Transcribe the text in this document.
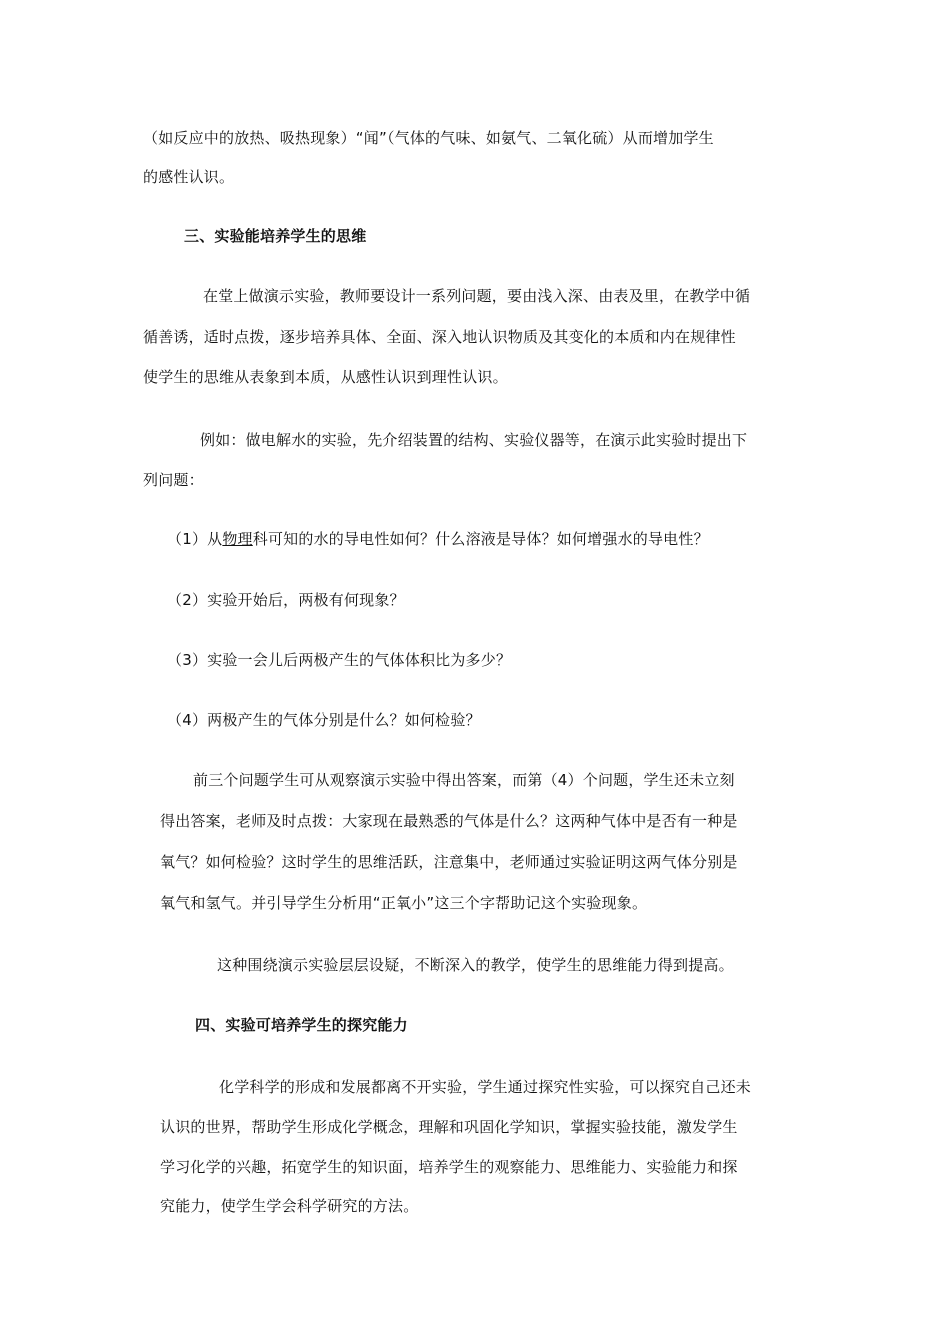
（如反应中的放热、吸热现象）“闻”（气体的气味、如氨气、二氧化硫）从而增加学生
的感性认识。
三、实验能培养学生的思维
在堂上做演示实验，教师要设计一系列问题，要由浅入深、由表及里，在教学中循
循善诱，适时点拨，逐步培养具体、全面、深入地认识物质及其变化的本质和内在规律性
使学生的思维从表象到本质，从感性认识到理性认识。
例如：做电解水的实验，先介绍装置的结构、实验仪器等，在演示此实验时提出下
列问题：
（1）从物理科可知的水的导电性如何？什么溶液是导体？如何增强水的导电性？
（2）实验开始后，两极有何现象？
（3）实验一会儿后两极产生的气体体积比为多少？
（4）两极产生的气体分别是什么？如何检验？
前三个问题学生可从观察演示实验中得出答案，而第（4）个问题，学生还未立刻
得出答案，老师及时点拨：大家现在最熟悉的气体是什么？这两种气体中是否有一种是
氧气？如何检验？这时学生的思维活跃，注意集中，老师通过实验证明这两气体分别是
氧气和氢气。并引导学生分析用“正氧小”这三个字帮助记这个实验现象。
这种围绕演示实验层层设疑，不断深入的教学，使学生的思维能力得到提高。
四、实验可培养学生的探究能力
化学科学的形成和发展都离不开实验，学生通过探究性实验，可以探究自己还未
认识的世界，帮助学生形成化学概念，理解和巩固化学知识，掌握实验技能，激发学生
学习化学的兴趣，拓宽学生的知识面，培养学生的观察能力、思维能力、实验能力和探
究能力，使学生学会科学研究的方法。
